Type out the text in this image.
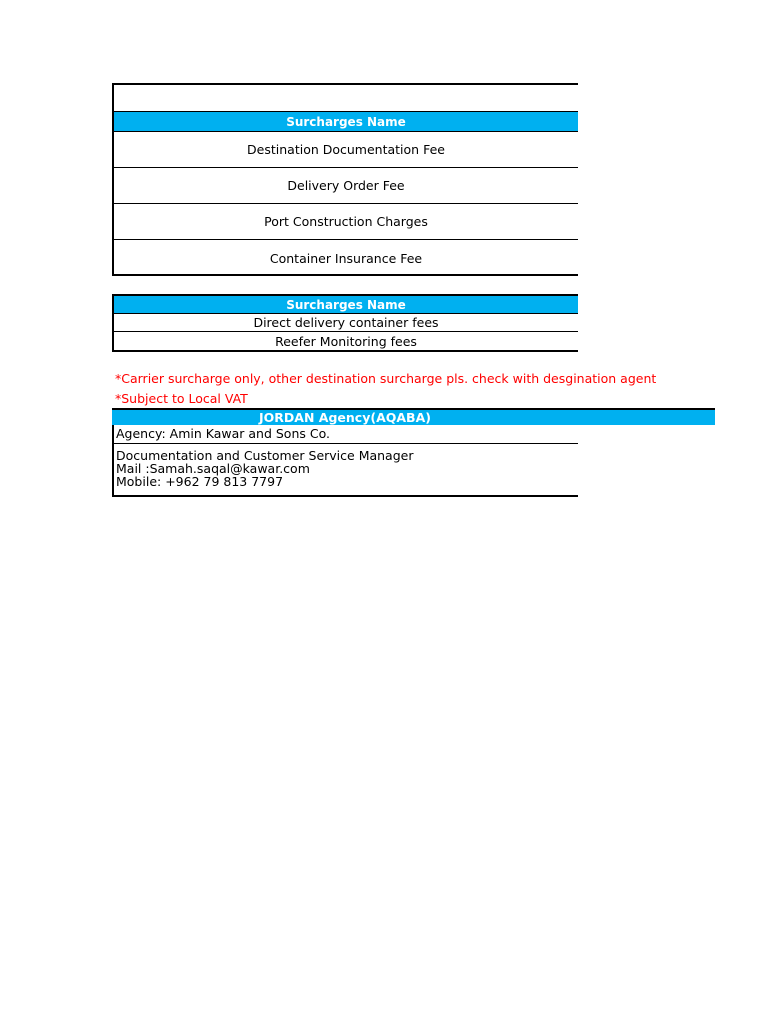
Surcharges Name
Destination Documentation Fee
Delivery Order Fee
Port Construction Charges
Container Insurance Fee
Surcharges Name
Direct delivery container fees
Reefer Monitoring fees
*Carrier surcharge only, other destination surcharge pls. check with desgination agent
*Subject to Local VAT
JORDAN Agency(AQABA)
Agency: Amin Kawar and Sons Co.
Documentation and Customer Service Manager
Mail :Samah.saqal@kawar.com
Mobile: +962 79 813 7797
